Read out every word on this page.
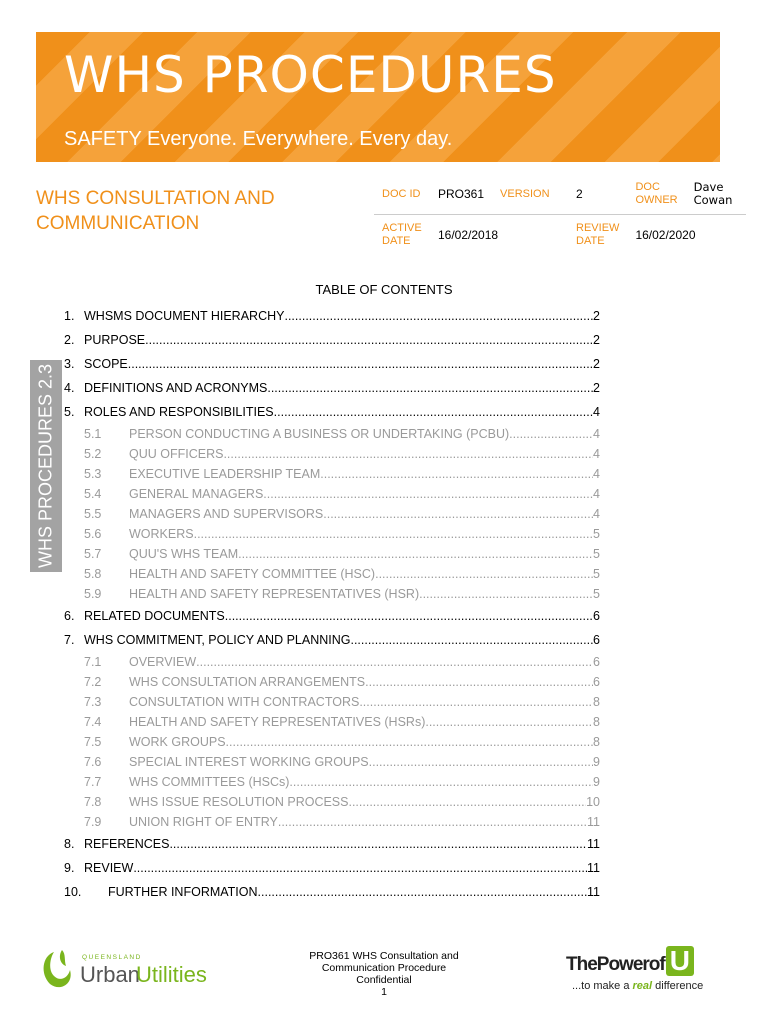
WHS PROCEDURES
SAFETY Everyone. Everywhere. Every day.
WHS CONSULTATION AND COMMUNICATION
DOC ID	PRO361	VERSION	2	DOC OWNER	Dave Cowan
ACTIVE DATE	16/02/2018		REVIEW DATE	16/02/2020	
TABLE OF CONTENTS
WHS PROCEDURES 2.3
1. WHSMS DOCUMENT HIERARCHY .....	2
2. PURPOSE .....	2
3. SCOPE .....	2
4. DEFINITIONS AND ACRONYMS .....	2
5. ROLES AND RESPONSIBILITIES .....	4
5.1	PERSON CONDUCTING A BUSINESS OR UNDERTAKING (PCBU) .....	4
5.2	QUU OFFICERS .....	4
5.3	EXECUTIVE LEADERSHIP TEAM .....	4
5.4	GENERAL MANAGERS .....	4
5.5	MANAGERS AND SUPERVISORS .....	4
5.6	WORKERS .....	5
5.7	QUU'S WHS TEAM .....	5
5.8	HEALTH AND SAFETY COMMITTEE (HSC) .....	5
5.9	HEALTH AND SAFETY REPRESENTATIVES (HSR) .....	5
6. RELATED DOCUMENTS .....	6
7. WHS COMMITMENT, POLICY AND PLANNING .....	6
7.1	OVERVIEW .....	6
7.2	WHS CONSULTATION ARRANGEMENTS .....	6
7.3	CONSULTATION WITH CONTRACTORS .....	8
7.4	HEALTH AND SAFETY REPRESENTATIVES (HSRs) .....	8
7.5	WORK GROUPS .....	8
7.6	SPECIAL INTEREST WORKING GROUPS .....	9
7.7	WHS COMMITTEES (HSCs) .....	9
7.8	WHS ISSUE RESOLUTION PROCESS .....	10
7.9	UNION RIGHT OF ENTRY .....	11
8. REFERENCES .....	11
9. REVIEW .....	11
10.	FURTHER INFORMATION .....	11
QUEENSLAND
Urban
Utilities
PRO361 WHS Consultation and
Communication Procedure
Confidential
1
ThePowerof U
...to make a real difference
